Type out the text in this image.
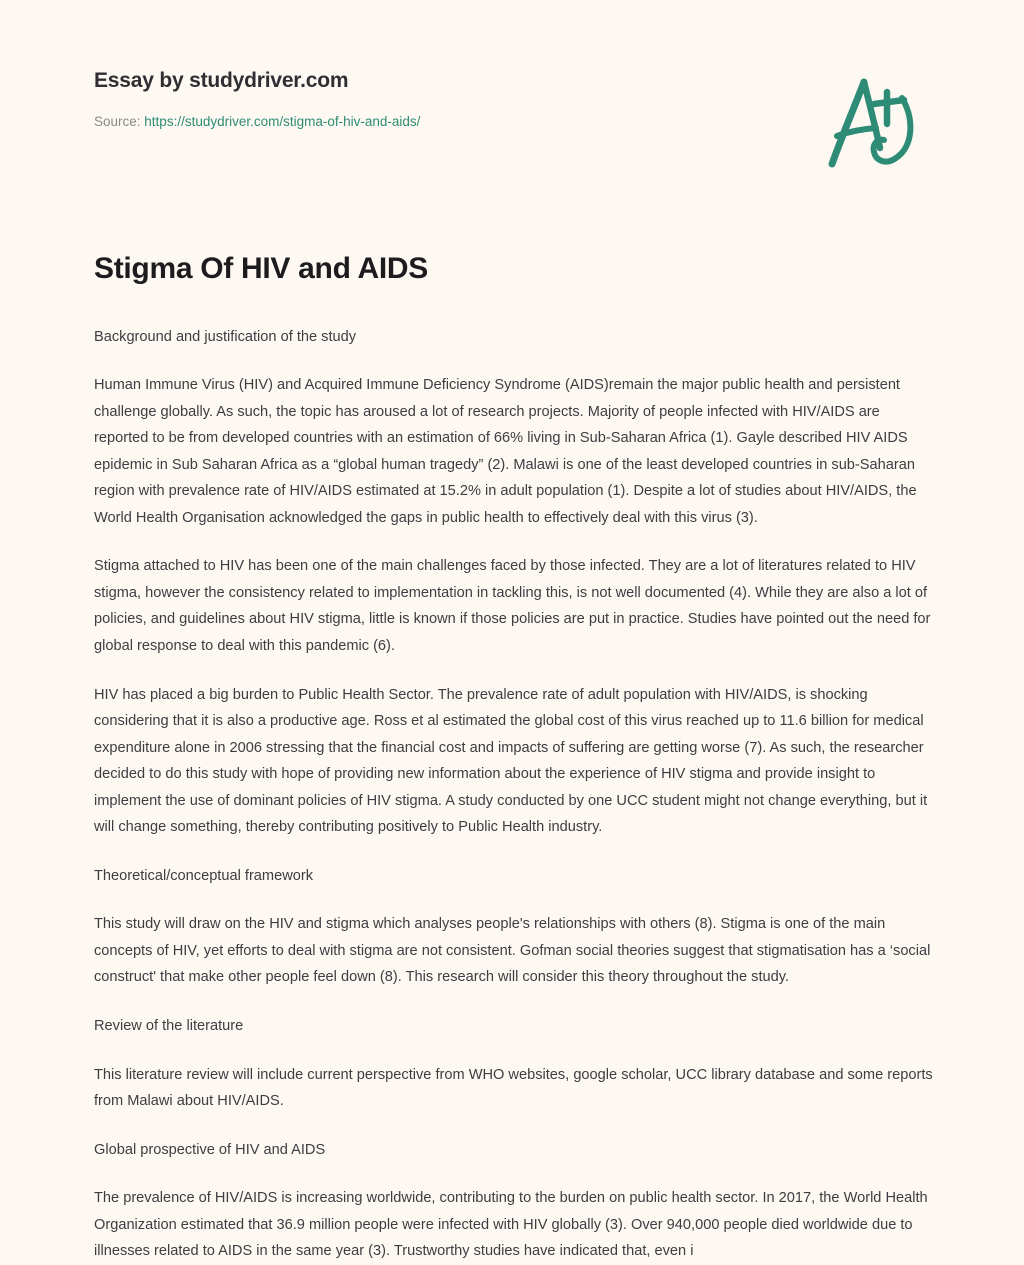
Essay by studydriver.com
Source: https://studydriver.com/stigma-of-hiv-and-aids/
Stigma Of HIV and AIDS

Background and justification of the study

Human Immune Virus (HIV) and Acquired Immune Deficiency Syndrome (AIDS)remain the major public health and persistent challenge globally. As such, the topic has aroused a lot of research projects. Majority of people infected with HIV/AIDS are reported to be from developed countries with an estimation of 66% living in Sub-Saharan Africa (1). Gayle described HIV AIDS epidemic in Sub Saharan Africa as a “global human tragedy” (2). Malawi is one of the least developed countries in sub-Saharan region with prevalence rate of HIV/AIDS estimated at 15.2% in adult population (1). Despite a lot of studies about HIV/AIDS, the World Health Organisation acknowledged the gaps in public health to effectively deal with this virus (3).

Stigma attached to HIV has been one of the main challenges faced by those infected. They are a lot of literatures related to HIV stigma, however the consistency related to implementation in tackling this, is not well documented (4). While they are also a lot of policies, and guidelines about HIV stigma, little is known if those policies are put in practice. Studies have pointed out the need for global response to deal with this pandemic (6).

HIV has placed a big burden to Public Health Sector. The prevalence rate of adult population with HIV/AIDS, is shocking considering that it is also a productive age. Ross et al estimated the global cost of this virus reached up to 11.6 billion for medical expenditure alone in 2006 stressing that the financial cost and impacts of suffering are getting worse (7). As such, the researcher decided to do this study with hope of providing new information about the experience of HIV stigma and provide insight to implement the use of dominant policies of HIV stigma. A study conducted by one UCC student might not change everything, but it will change something, thereby contributing positively to Public Health industry.

Theoretical/conceptual framework

This study will draw on the HIV and stigma which analyses people's relationships with others (8). Stigma is one of the main concepts of HIV, yet efforts to deal with stigma are not consistent. Gofman social theories suggest that stigmatisation has a ‘social construct' that make other people feel down (8). This research will consider this theory throughout the study.

Review of the literature

This literature review will include current perspective from WHO websites, google scholar, UCC library database and some reports from Malawi about HIV/AIDS.

Global prospective of HIV and AIDS

The prevalence of HIV/AIDS is increasing worldwide, contributing to the burden on public health sector. In 2017, the World Health Organization estimated that 36.9 million people were infected with HIV globally (3). Over 940,000 people died worldwide due to illnesses related to AIDS in the same year (3). Trustworthy studies have indicated that, even i
